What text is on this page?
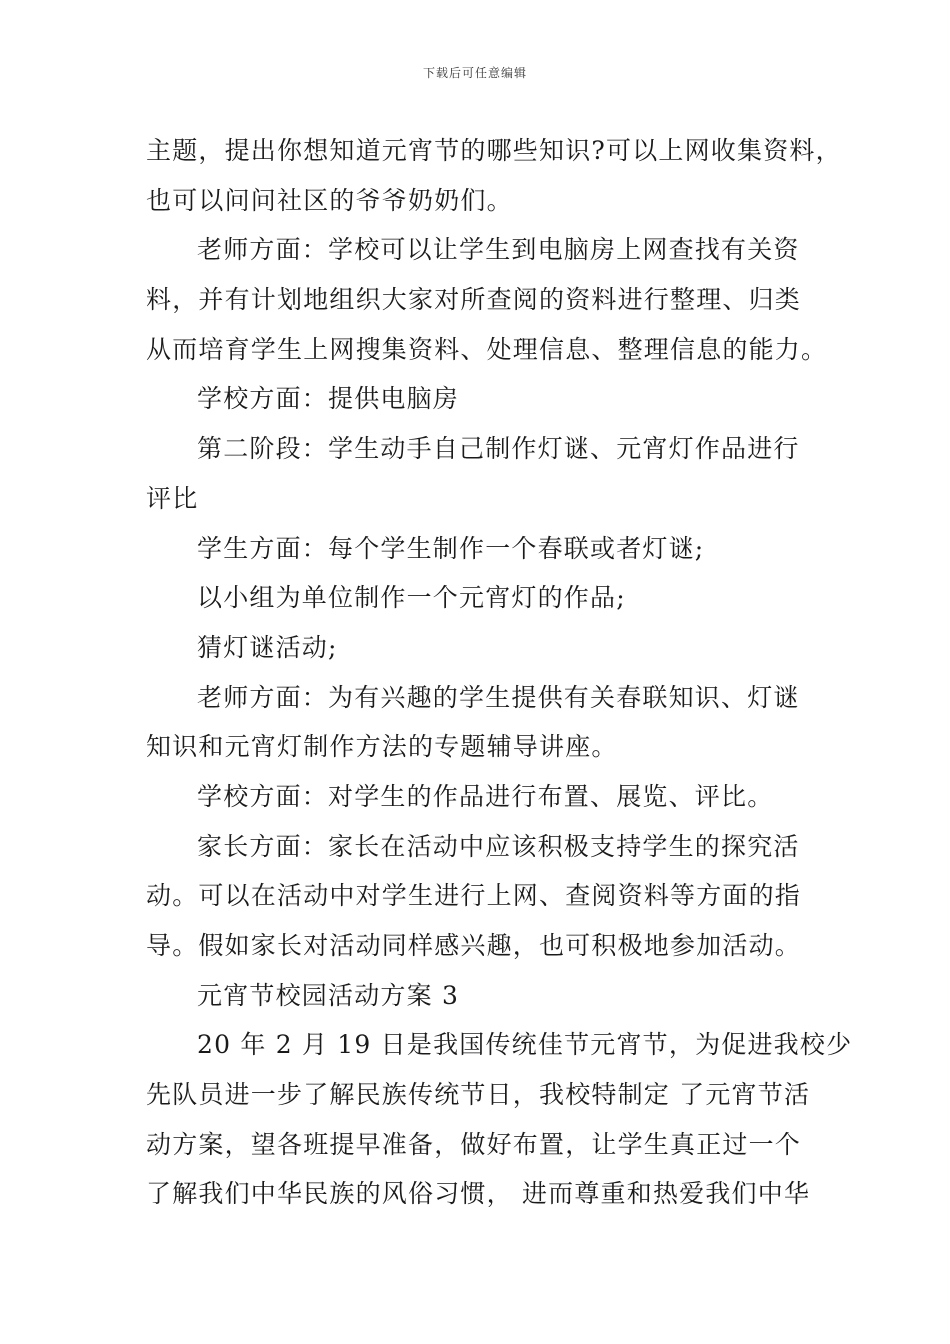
下载后可任意编辑
主题，提出你想知道元宵节的哪些知识?可以上网收集资料，
也可以问问社区的爷爷奶奶们。
老师方面：学校可以让学生到电脑房上网查找有关资
料，并有计划地组织大家对所查阅的资料进行整理、归类
从而培育学生上网搜集资料、处理信息、整理信息的能力。
学校方面：提供电脑房
第二阶段：学生动手自己制作灯谜、元宵灯作品进行
评比
学生方面：每个学生制作一个春联或者灯谜;
以小组为单位制作一个元宵灯的作品;
猜灯谜活动;
老师方面：为有兴趣的学生提供有关春联知识、灯谜
知识和元宵灯制作方法的专题辅导讲座。
学校方面：对学生的作品进行布置、展览、评比。
家长方面：家长在活动中应该积极支持学生的探究活
动。可以在活动中对学生进行上网、查阅资料等方面的指
导。假如家长对活动同样感兴趣，也可积极地参加活动。
元宵节校园活动方案 3
20 年 2 月 19 日是我国传统佳节元宵节，为促进我校少
先队员进一步了解民族传统节日，我校特制定 了元宵节活
动方案，望各班提早准备，做好布置，让学生真正过一个
了解我们中华民族的风俗习惯， 进而尊重和热爱我们中华
